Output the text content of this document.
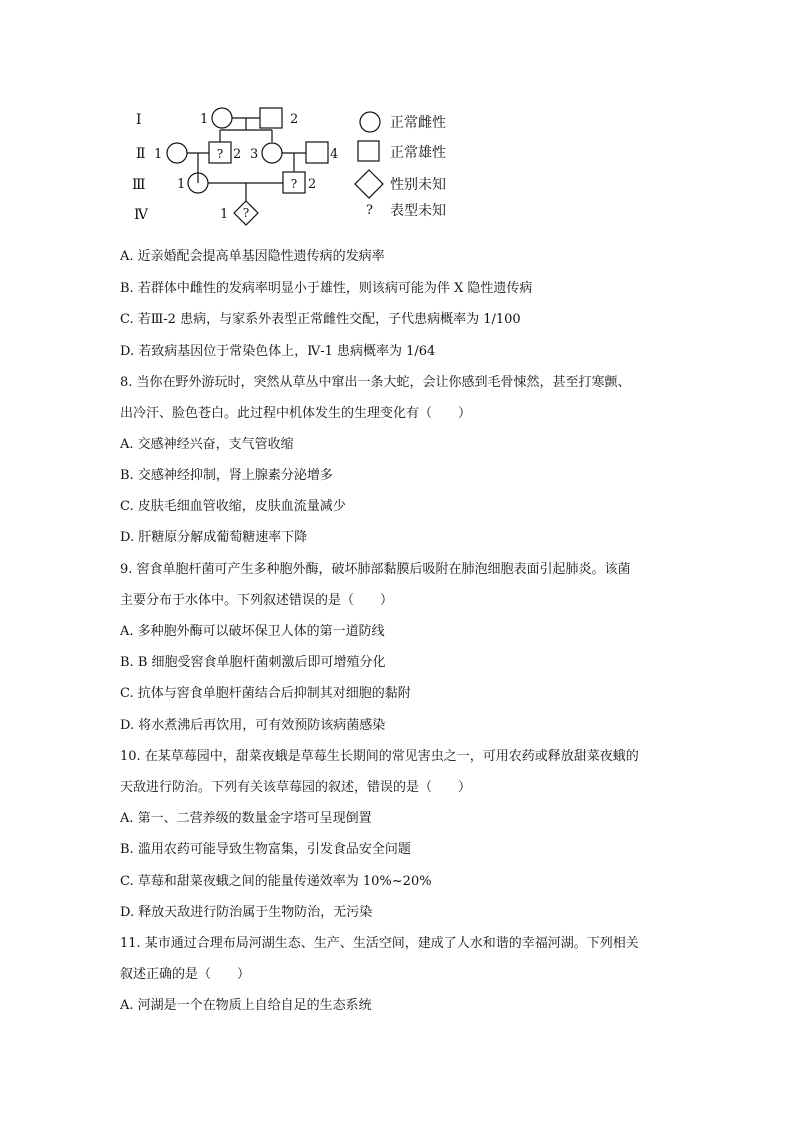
Ⅰ
Ⅱ
Ⅲ
Ⅳ
1	2
1	2 3	4
1	2
1
?
?
?
正常雌性
正常雄性
性别未知
? 表型未知
A. 近亲婚配会提高单基因隐性遗传病的发病率
B. 若群体中雌性的发病率明显小于雄性，则该病可能为伴 X 隐性遗传病
C. 若Ⅲ-2 患病，与家系外表型正常雌性交配，子代患病概率为 1/100
D. 若致病基因位于常染色体上，Ⅳ-1 患病概率为 1/64
8. 当你在野外游玩时，突然从草丛中窜出一条大蛇，会让你感到毛骨悚然，甚至打寒颤、
出冷汗、脸色苍白。此过程中机体发生的生理变化有（　　）
A. 交感神经兴奋，支气管收缩
B. 交感神经抑制，肾上腺素分泌增多
C. 皮肤毛细血管收缩，皮肤血流量减少
D. 肝糖原分解成葡萄糖速率下降
9. 窖食单胞杆菌可产生多种胞外酶，破坏肺部黏膜后吸附在肺泡细胞表面引起肺炎。该菌
主要分布于水体中。下列叙述错误的是（　　）
A. 多种胞外酶可以破坏保卫人体的第一道防线
B. B 细胞受窖食单胞杆菌刺激后即可增殖分化
C. 抗体与窖食单胞杆菌结合后抑制其对细胞的黏附
D. 将水煮沸后再饮用，可有效预防该病菌感染
10. 在某草莓园中，甜菜夜蛾是草莓生长期间的常见害虫之一，可用农药或释放甜菜夜蛾的
天敌进行防治。下列有关该草莓园的叙述，错误的是（　　）
A. 第一、二营养级的数量金字塔可呈现倒置
B. 滥用农药可能导致生物富集，引发食品安全问题
C. 草莓和甜菜夜蛾之间的能量传递效率为 10%~20%
D. 释放天敌进行防治属于生物防治，无污染
11. 某市通过合理布局河湖生态、生产、生活空间，建成了人水和谐的幸福河湖。下列相关
叙述正确的是（　　）
A. 河湖是一个在物质上自给自足的生态系统
